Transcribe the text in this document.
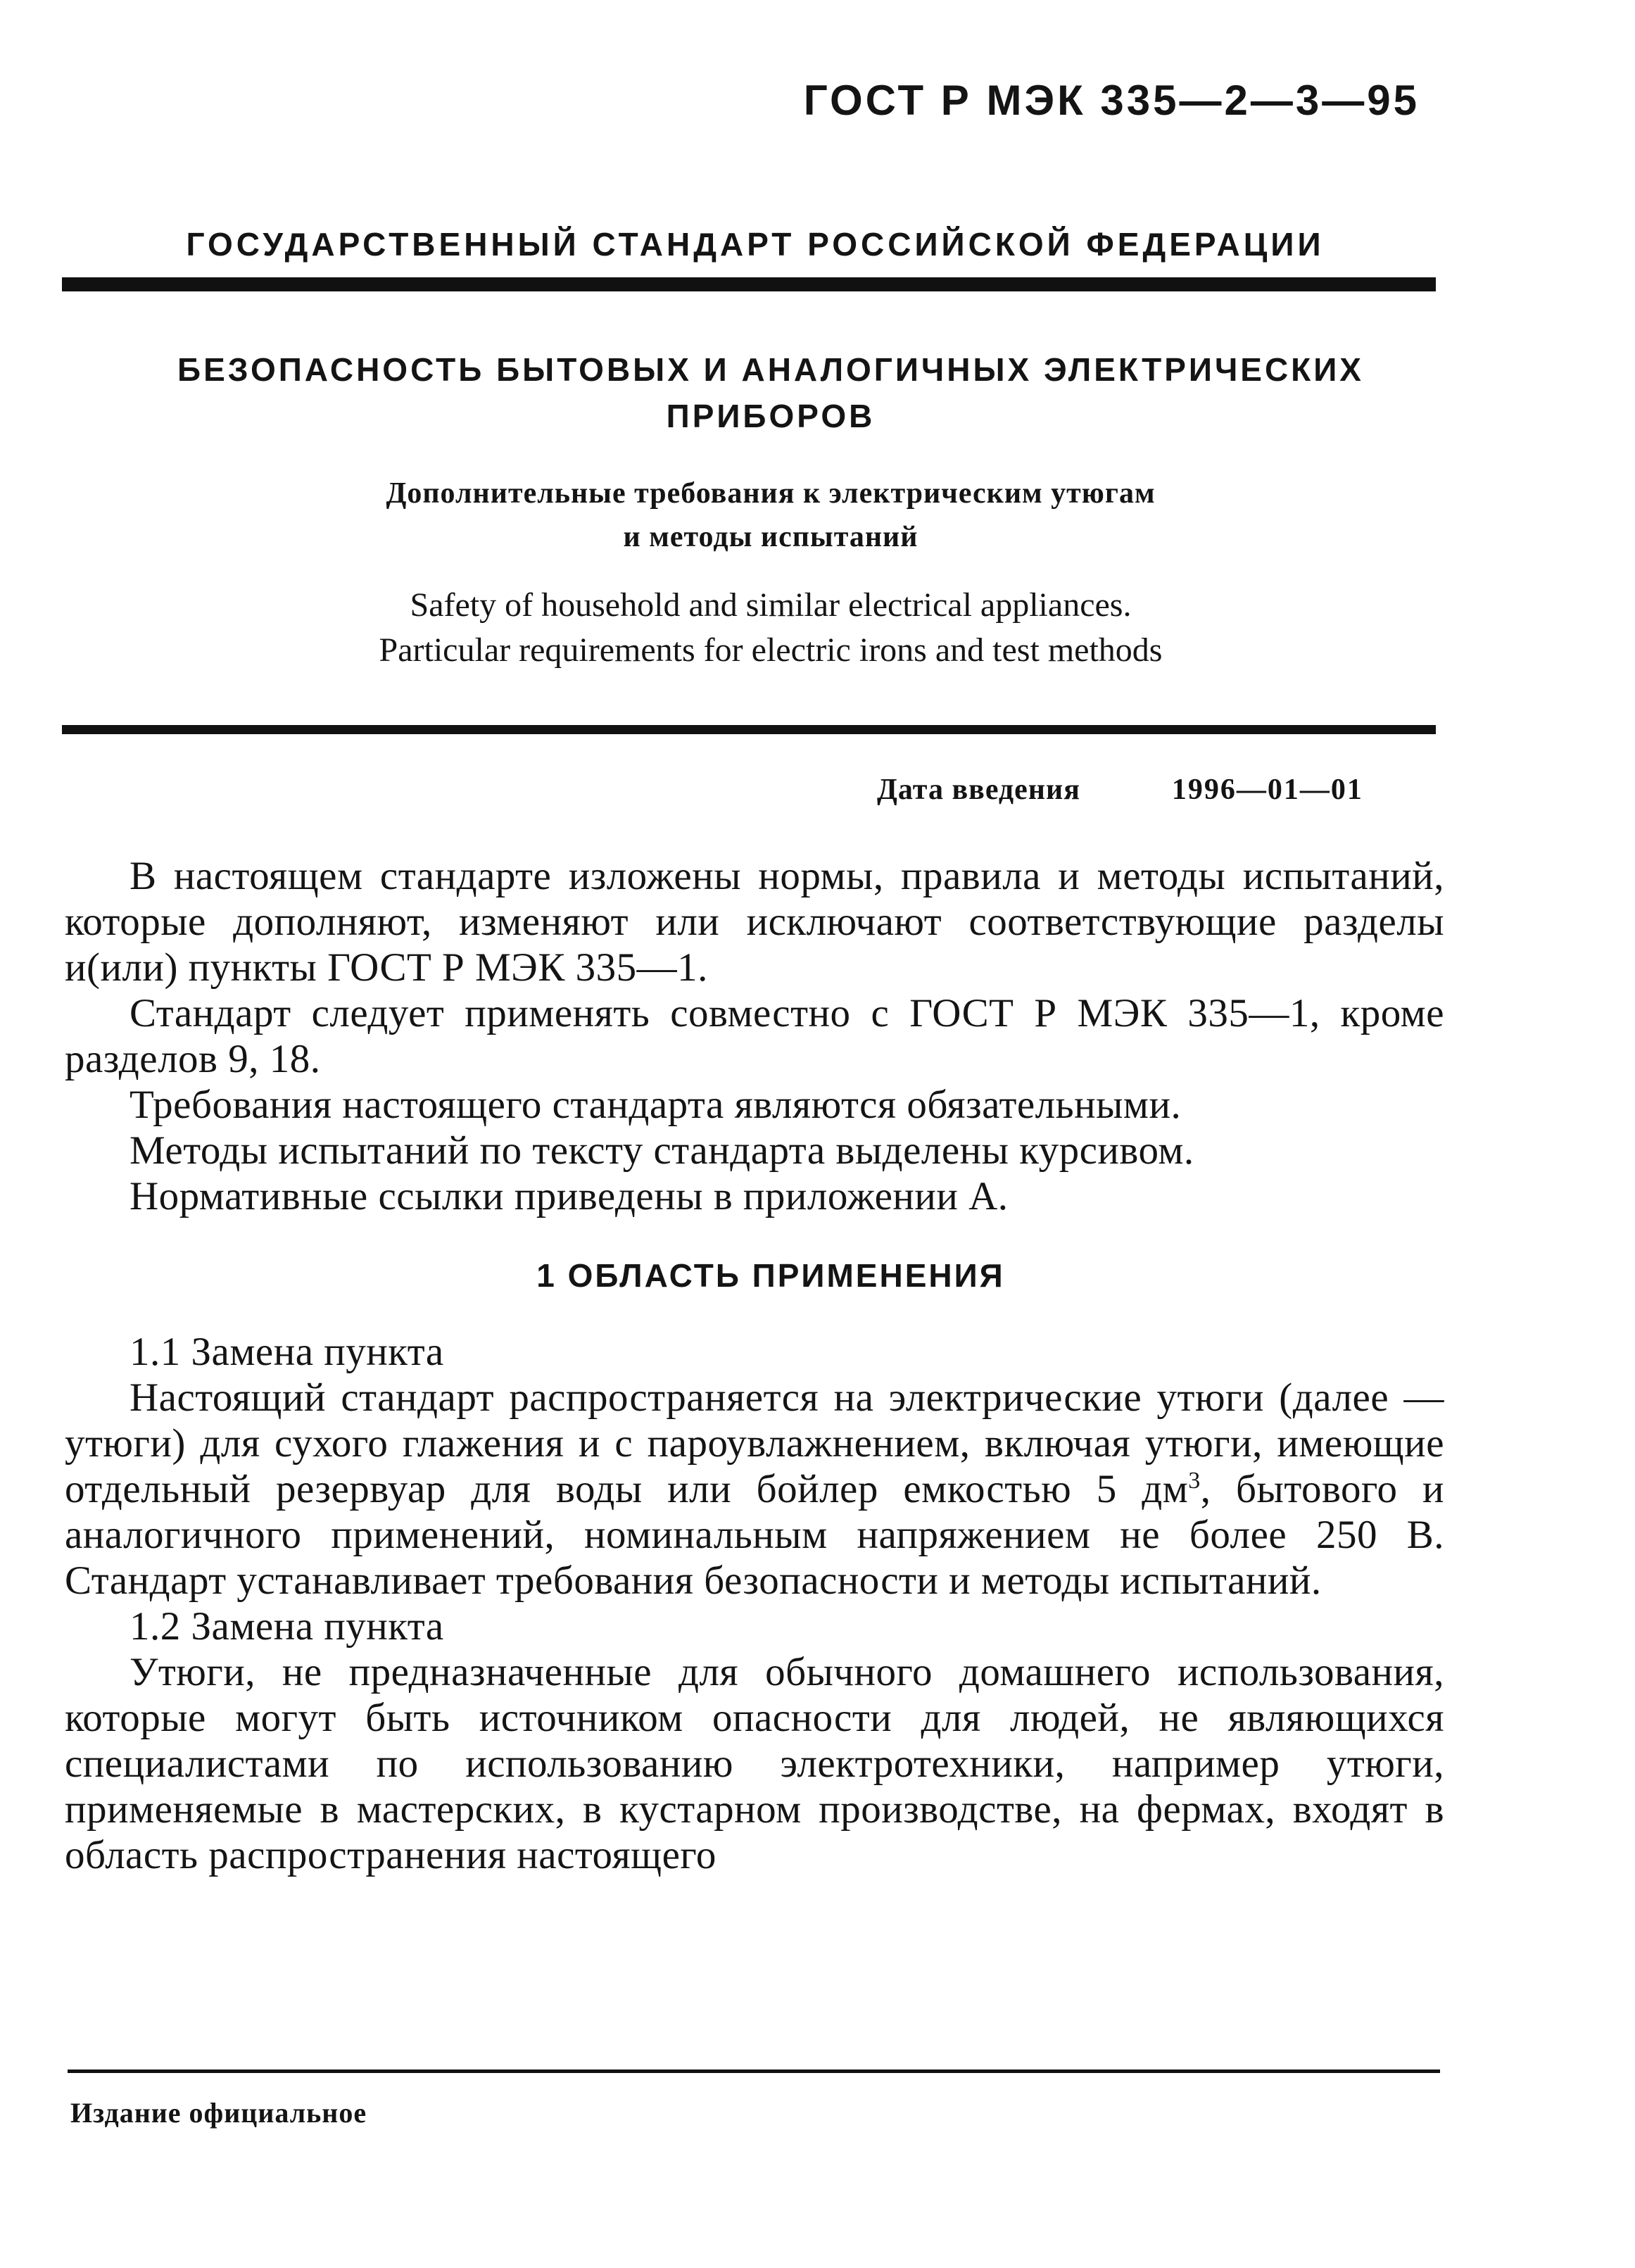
ГОСТ Р МЭК 335—2—3—95
ГОСУДАРСТВЕННЫЙ СТАНДАРТ РОССИЙСКОЙ ФЕДЕРАЦИИ
БЕЗОПАСНОСТЬ БЫТОВЫХ И АНАЛОГИЧНЫХ ЭЛЕКТРИЧЕСКИХ
ПРИБОРОВ
Дополнительные требования к электрическим утюгам
и методы испытаний
Safety of household and similar electrical appliances.
Particular requirements for electric irons and test methods
Дата введения	1996—01—01

В настоящем стандарте изложены нормы, правила и методы испытаний, которые дополняют, изменяют или исключают соответствующие разделы и(или) пункты ГОСТ Р МЭК 335—1.

Стандарт следует применять совместно с ГОСТ Р МЭК 335—1, кроме разделов 9, 18.

Требования настоящего стандарта являются обязательными.

Методы испытаний по тексту стандарта выделены курсивом.

Нормативные ссылки приведены в приложении А.

1 ОБЛАСТЬ ПРИМЕНЕНИЯ

1.1 Замена пункта

Настоящий стандарт распространяется на электрические утюги (далее — утюги) для сухого глажения и с пароувлажнением, включая утюги, имеющие отдельный резервуар для воды или бойлер емкостью 5 $дм^3$, бытового и аналогичного применений, номинальным напряжением не более 250 В. Стандарт устанавливает требования безопасности и методы испытаний.

1.2 Замена пункта

Утюги, не предназначенные для обычного домашнего использования, которые могут быть источником опасности для людей, не являющихся специалистами по использованию электротехники, например утюги, применяемые в мастерских, в кустарном производстве, на фермах, входят в область распространения настоящего

Издание официальное
